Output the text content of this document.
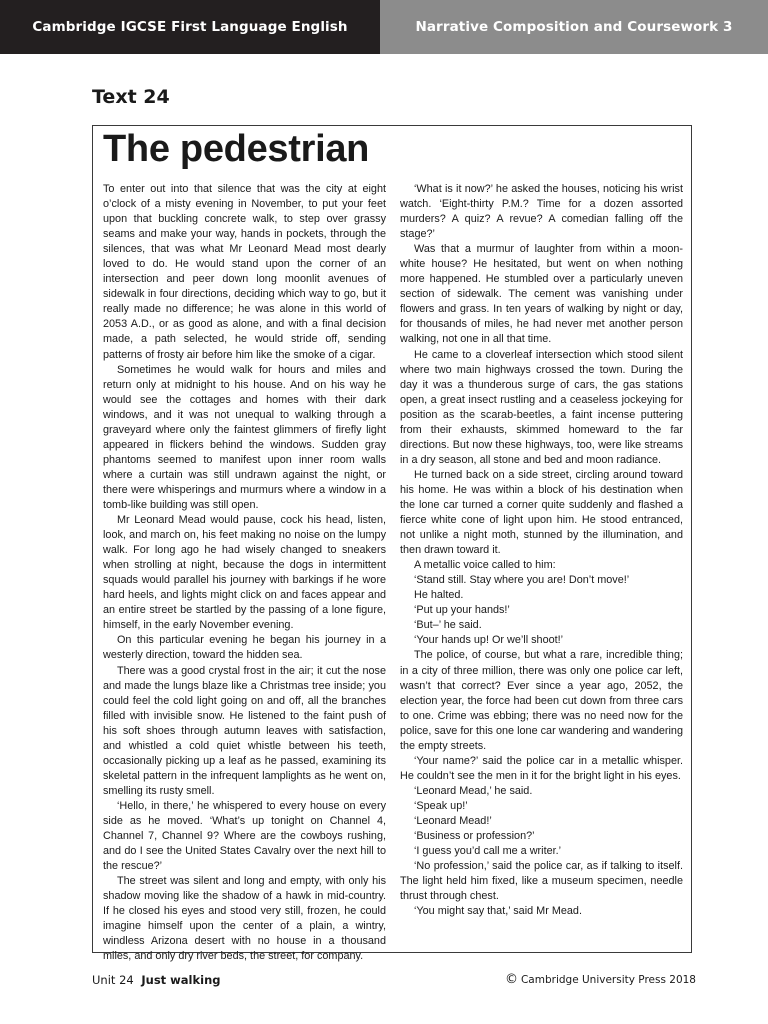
Cambridge IGCSE First Language English	Narrative Composition and Coursework 3
Text 24
The pedestrian

To enter out into that silence that was the city at eight o’clock of a misty evening in November, to put your feet upon that buckling concrete walk, to step over grassy seams and make your way, hands in pockets, through the silences, that was what Mr Leonard Mead most dearly loved to do. He would stand upon the corner of an intersection and peer down long moonlit avenues of sidewalk in four directions, deciding which way to go, but it really made no difference; he was alone in this world of 2053 A.D., or as good as alone, and with a final decision made, a path selected, he would stride off, sending patterns of frosty air before him like the smoke of a cigar.

Sometimes he would walk for hours and miles and return only at midnight to his house. And on his way he would see the cottages and homes with their dark windows, and it was not unequal to walking through a graveyard where only the faintest glimmers of firefly light appeared in flickers behind the windows. Sudden gray phantoms seemed to manifest upon inner room walls where a curtain was still undrawn against the night, or there were whisperings and murmurs where a window in a tomb-like building was still open.

Mr Leonard Mead would pause, cock his head, listen, look, and march on, his feet making no noise on the lumpy walk. For long ago he had wisely changed to sneakers when strolling at night, because the dogs in intermittent squads would parallel his journey with barkings if he wore hard heels, and lights might click on and faces appear and an entire street be startled by the passing of a lone figure, himself, in the early November evening.

On this particular evening he began his journey in a westerly direction, toward the hidden sea.

There was a good crystal frost in the air; it cut the nose and made the lungs blaze like a Christmas tree inside; you could feel the cold light going on and off, all the branches filled with invisible snow. He listened to the faint push of his soft shoes through autumn leaves with satisfaction, and whistled a cold quiet whistle between his teeth, occasionally picking up a leaf as he passed, examining its skeletal pattern in the infrequent lamplights as he went on, smelling its rusty smell.

‘Hello, in there,’ he whispered to every house on every side as he moved. ‘What’s up tonight on Channel 4, Channel 7, Channel 9? Where are the cowboys rushing, and do I see the United States Cavalry over the next hill to the rescue?’

The street was silent and long and empty, with only his shadow moving like the shadow of a hawk in mid-country. If he closed his eyes and stood very still, frozen, he could imagine himself upon the center of a plain, a wintry, windless Arizona desert with no house in a thousand miles, and only dry river beds, the street, for company.

‘What is it now?’ he asked the houses, noticing his wrist watch. ‘Eight-thirty P.M.? Time for a dozen assorted murders? A quiz? A revue? A comedian falling off the stage?’

Was that a murmur of laughter from within a moon-white house? He hesitated, but went on when nothing more happened. He stumbled over a particularly uneven section of sidewalk. The cement was vanishing under flowers and grass. In ten years of walking by night or day, for thousands of miles, he had never met another person walking, not one in all that time.

He came to a cloverleaf intersection which stood silent where two main highways crossed the town. During the day it was a thunderous surge of cars, the gas stations open, a great insect rustling and a ceaseless jockeying for position as the scarab-beetles, a faint incense puttering from their exhausts, skimmed homeward to the far directions. But now these highways, too, were like streams in a dry season, all stone and bed and moon radiance.

He turned back on a side street, circling around toward his home. He was within a block of his destination when the lone car turned a corner quite suddenly and flashed a fierce white cone of light upon him. He stood entranced, not unlike a night moth, stunned by the illumination, and then drawn toward it.

A metallic voice called to him:

‘Stand still. Stay where you are! Don’t move!’

He halted.

‘Put up your hands!’

‘But–’ he said.

‘Your hands up! Or we’ll shoot!’

The police, of course, but what a rare, incredible thing; in a city of three million, there was only one police car left, wasn’t that correct? Ever since a year ago, 2052, the election year, the force had been cut down from three cars to one. Crime was ebbing; there was no need now for the police, save for this one lone car wandering and wandering the empty streets.

‘Your name?’ said the police car in a metallic whisper. He couldn’t see the men in it for the bright light in his eyes.

‘Leonard Mead,’ he said.

‘Speak up!’

‘Leonard Mead!’

‘Business or profession?’

‘I guess you’d call me a writer.’

‘No profession,’ said the police car, as if talking to itself. The light held him fixed, like a museum specimen, needle thrust through chest.

‘You might say that,’ said Mr Mead.

Unit 24 Just walking	© Cambridge University Press 2018
